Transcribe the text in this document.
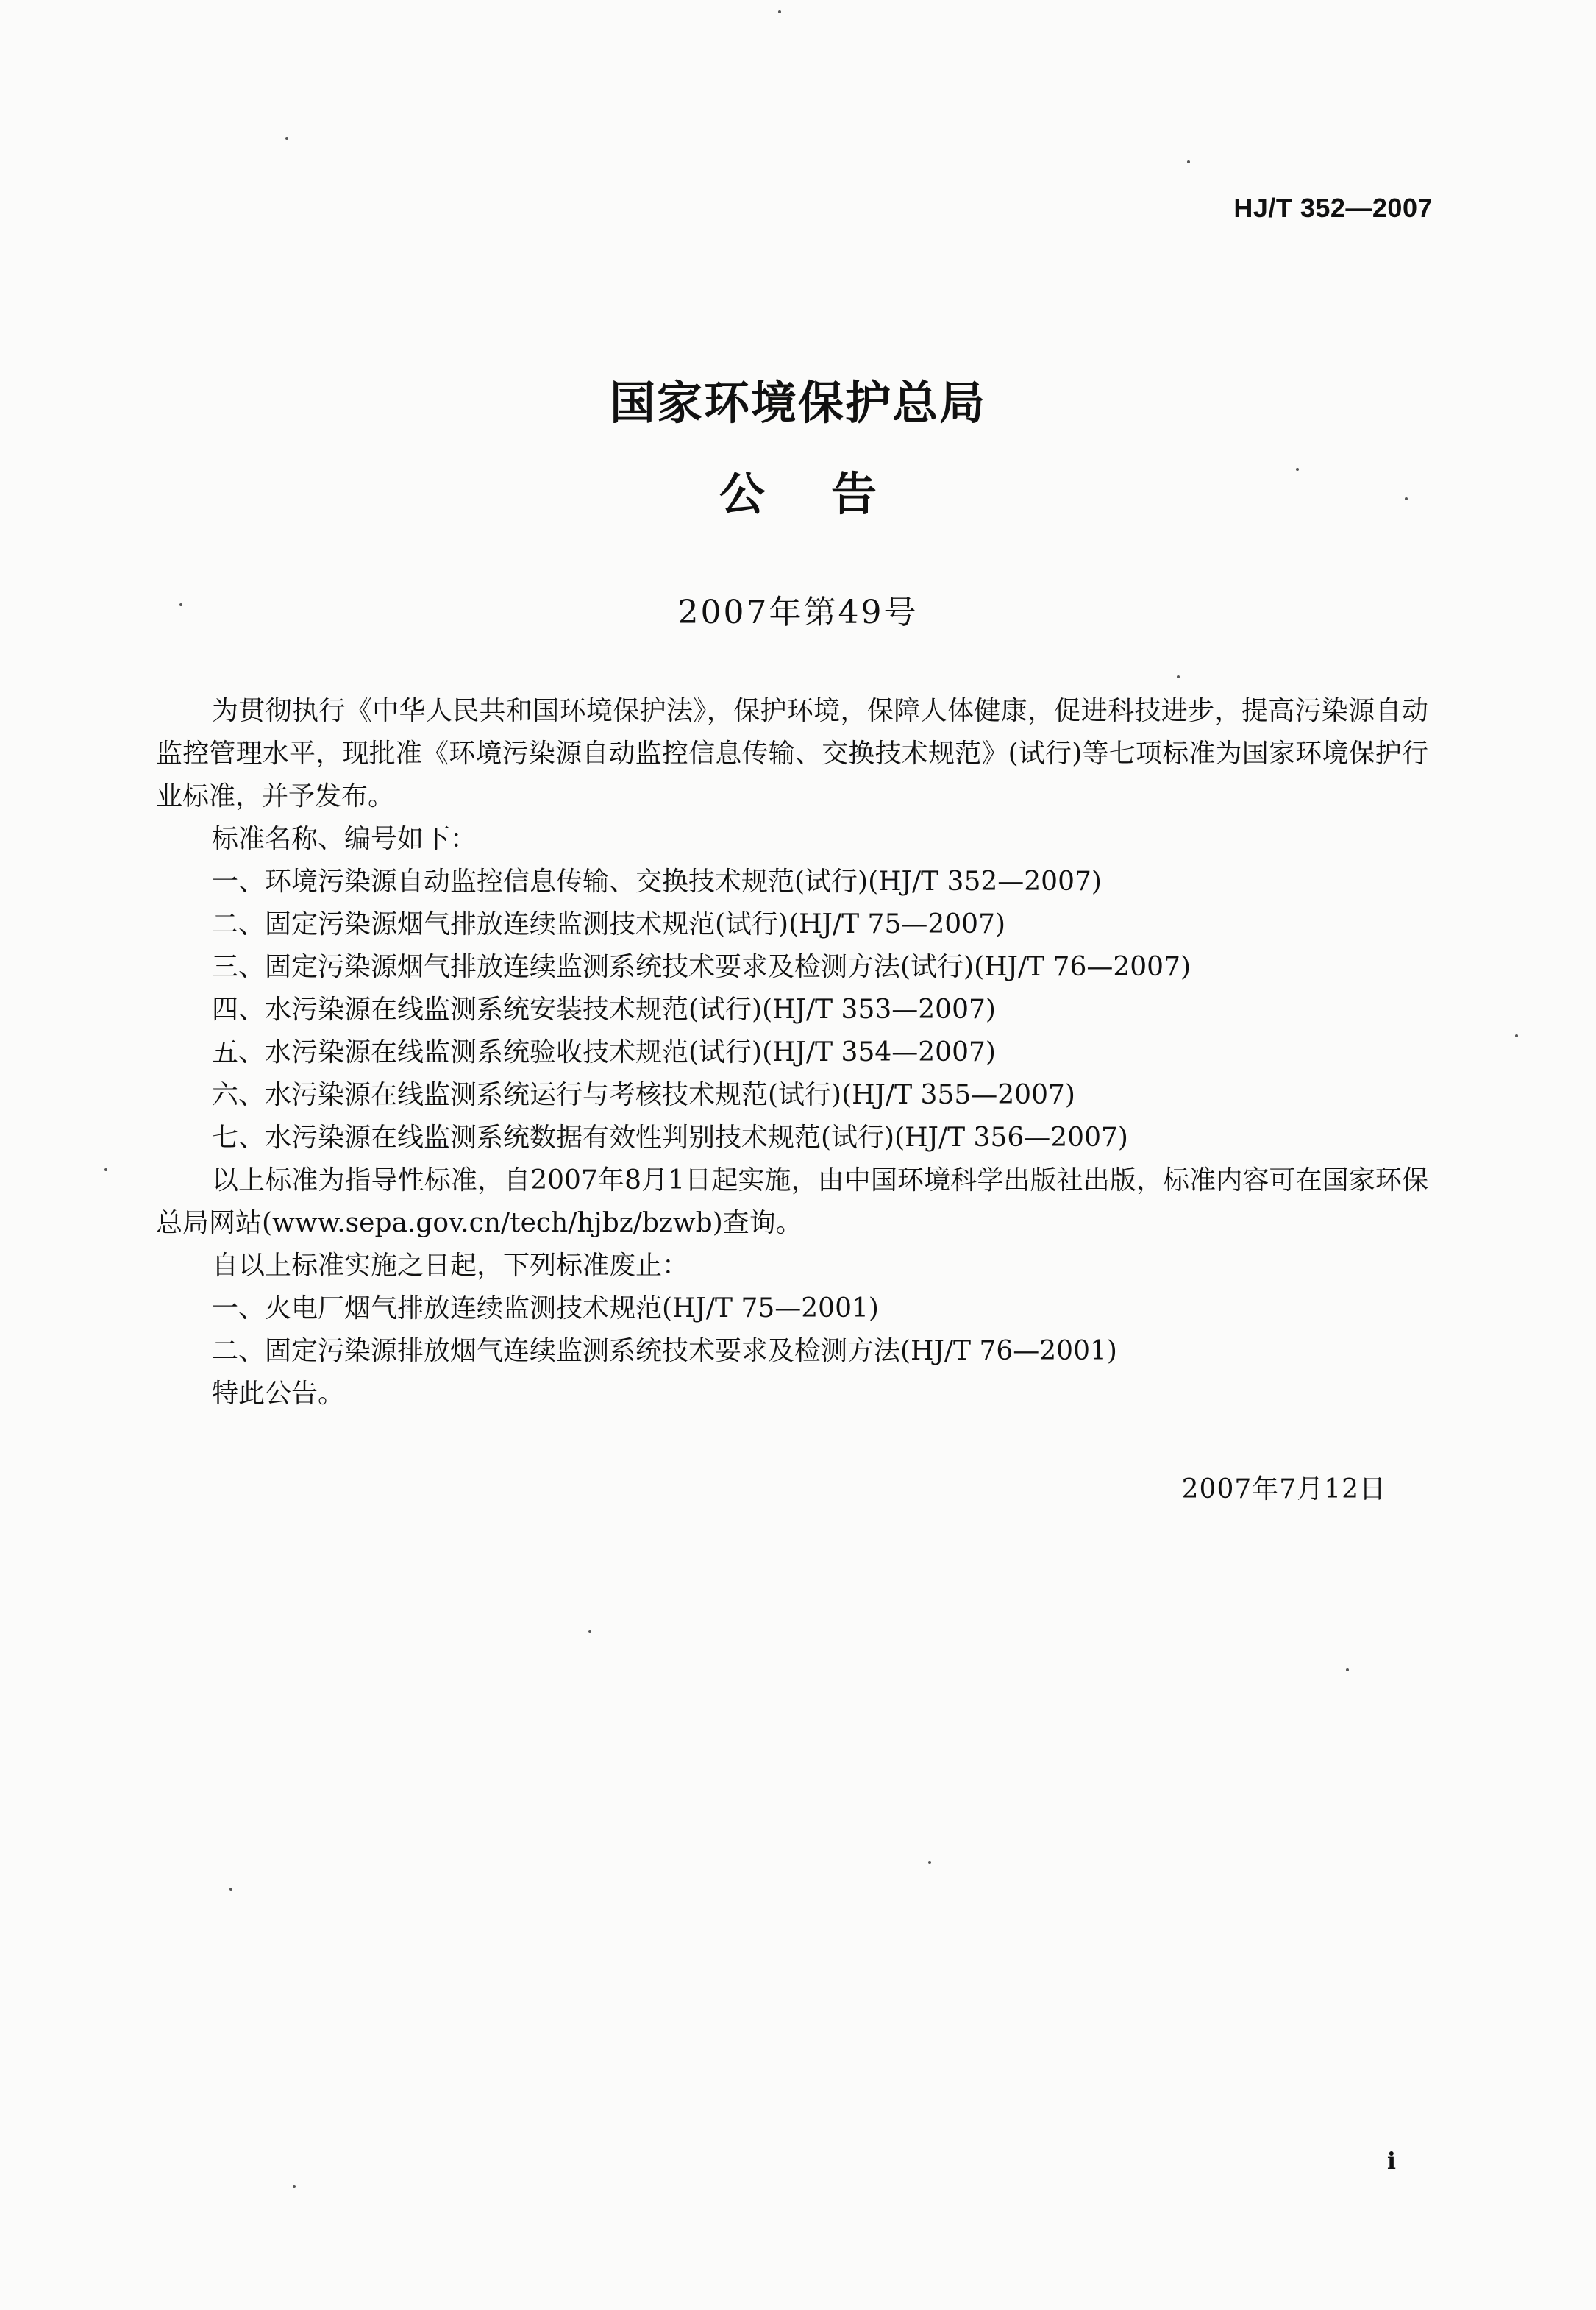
HJ/T 352—2007
国家环境保护总局
公告
2007年第49号

为贯彻执行《中华人民共和国环境保护法》，保护环境，保障人体健康，促进科技进步，提高污染源自动监控管理水平，现批准《环境污染源自动监控信息传输、交换技术规范》(试行)等七项标准为国家环境保护行业标准，并予发布。

标准名称、编号如下：

一、环境污染源自动监控信息传输、交换技术规范(试行)(HJ/T 352—2007)

二、固定污染源烟气排放连续监测技术规范(试行)(HJ/T 75—2007)

三、固定污染源烟气排放连续监测系统技术要求及检测方法(试行)(HJ/T 76—2007)

四、水污染源在线监测系统安装技术规范(试行)(HJ/T 353—2007)

五、水污染源在线监测系统验收技术规范(试行)(HJ/T 354—2007)

六、水污染源在线监测系统运行与考核技术规范(试行)(HJ/T 355—2007)

七、水污染源在线监测系统数据有效性判别技术规范(试行)(HJ/T 356—2007)

以上标准为指导性标准，自2007年8月1日起实施，由中国环境科学出版社出版，标准内容可在国家环保总局网站(www.sepa.gov.cn/tech/hjbz/bzwb)查询。

自以上标准实施之日起，下列标准废止：

一、火电厂烟气排放连续监测技术规范(HJ/T 75—2001)

二、固定污染源排放烟气连续监测系统技术要求及检测方法(HJ/T 76—2001)

特此公告。

2007年7月12日
i
